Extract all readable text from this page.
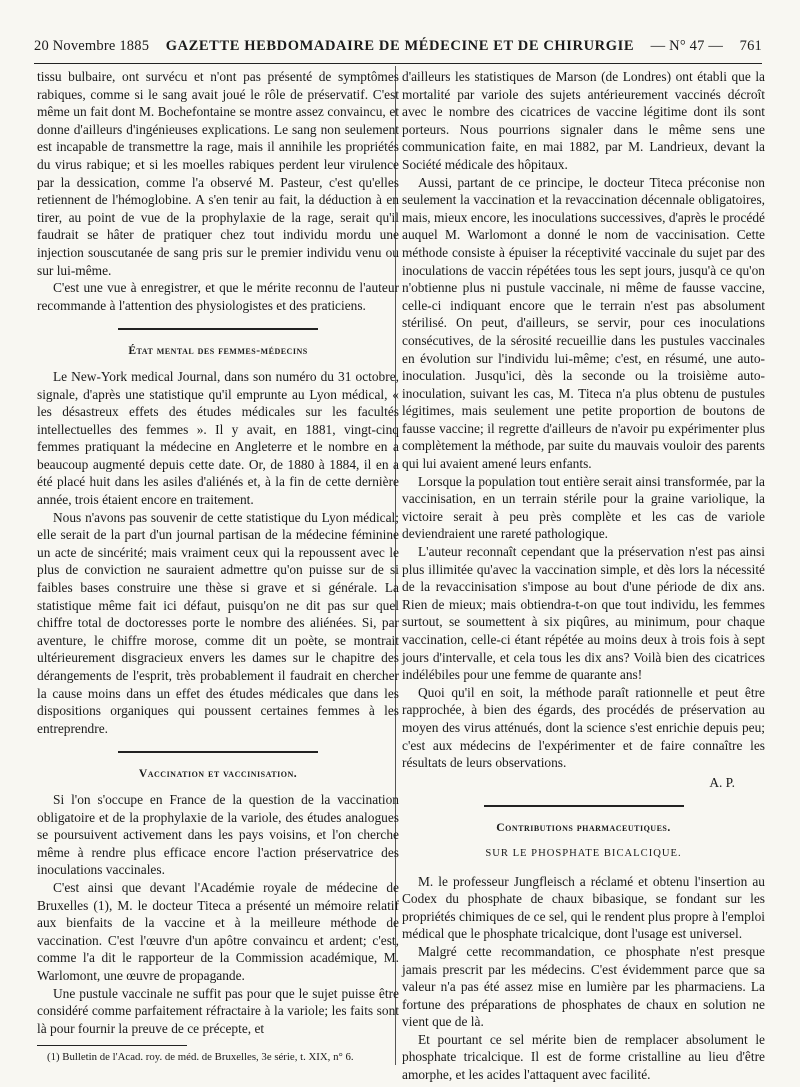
20 Novembre 1885 GAZETTE HEBDOMADAIRE DE MÉDECINE ET DE CHIRURGIE — N° 47 — 761

tissu bulbaire, ont survécu et n'ont pas présenté de symptômes rabiques, comme si le sang avait joué le rôle de préservatif. C'est même un fait dont M. Bochefontaine se montre assez convaincu, et donne d'ailleurs d'ingénieuses explications. Le sang non seulement est incapable de transmettre la rage, mais il annihile les propriétés du virus rabique; et si les moelles rabiques perdent leur virulence par la dessication, comme l'a observé M. Pasteur, c'est qu'elles retiennent de l'hémoglobine. A s'en tenir au fait, la déduction à en tirer, au point de vue de la prophylaxie de la rage, serait qu'il faudrait se hâter de pratiquer chez tout individu mordu une injection souscutanée de sang pris sur le premier individu venu ou sur lui-même.

C'est une vue à enregistrer, et que le mérite reconnu de l'auteur recommande à l'attention des physiologistes et des praticiens.

État mental des femmes-médecins

Le New-York medical Journal, dans son numéro du 31 octobre, signale, d'après une statistique qu'il emprunte au Lyon médical, « les désastreux effets des études médicales sur les facultés intellectuelles des femmes ». Il y avait, en 1881, vingt-cinq femmes pratiquant la médecine en Angleterre et le nombre en a beaucoup augmenté depuis cette date. Or, de 1880 à 1884, il en a été placé huit dans les asiles d'aliénés et, à la fin de cette dernière année, trois étaient encore en traitement.

Nous n'avons pas souvenir de cette statistique du Lyon médical; elle serait de la part d'un journal partisan de la médecine féminine un acte de sincérité; mais vraiment ceux qui la repoussent avec le plus de conviction ne sauraient admettre qu'on puisse sur de si faibles bases construire une thèse si grave et si générale. La statistique même fait ici défaut, puisqu'on ne dit pas sur quel chiffre total de doctoresses porte le nombre des aliénées. Si, par aventure, le chiffre morose, comme dit un poète, se montrait ultérieurement disgracieux envers les dames sur le chapitre des dérangements de l'esprit, très probablement il faudrait en chercher la cause moins dans un effet des études médicales que dans les dispositions organiques qui poussent certaines femmes à les entreprendre.

Vaccination et vaccinisation.

Si l'on s'occupe en France de la question de la vaccination obligatoire et de la prophylaxie de la variole, des études analogues se poursuivent activement dans les pays voisins, et l'on cherche même à rendre plus efficace encore l'action préservatrice des inoculations vaccinales.

C'est ainsi que devant l'Académie royale de médecine de Bruxelles (1), M. le docteur Titeca a présenté un mémoire relatif aux bienfaits de la vaccine et à la meilleure méthode de vaccination. C'est l'œuvre d'un apôtre convaincu et ardent; c'est, comme l'a dit le rapporteur de la Commission académique, M. Warlomont, une œuvre de propagande.

Une pustule vaccinale ne suffit pas pour que le sujet puisse être considéré comme parfaitement réfractaire à la variole; les faits sont là pour fournir la preuve de ce précepte, et

(1) Bulletin de l'Acad. roy. de méd. de Bruxelles, 3e série, t. XIX, n° 6.

d'ailleurs les statistiques de Marson (de Londres) ont établi que la mortalité par variole des sujets antérieurement vaccinés décroît avec le nombre des cicatrices de vaccine légitime dont ils sont porteurs. Nous pourrions signaler dans le même sens une communication faite, en mai 1882, par M. Landrieux, devant la Société médicale des hôpitaux.

Aussi, partant de ce principe, le docteur Titeca préconise non seulement la vaccination et la revaccination décennale obligatoires, mais, mieux encore, les inoculations successives, d'après le procédé auquel M. Warlomont a donné le nom de vaccinisation. Cette méthode consiste à épuiser la réceptivité vaccinale du sujet par des inoculations de vaccin répétées tous les sept jours, jusqu'à ce qu'on n'obtienne plus ni pustule vaccinale, ni même de fausse vaccine, celle-ci indiquant encore que le terrain n'est pas absolument stérilisé. On peut, d'ailleurs, se servir, pour ces inoculations consécutives, de la sérosité recueillie dans les pustules vaccinales en évolution sur l'individu lui-même; c'est, en résumé, une auto-inoculation. Jusqu'ici, dès la seconde ou la troisième auto-inoculation, suivant les cas, M. Titeca n'a plus obtenu de pustules légitimes, mais seulement une petite proportion de boutons de fausse vaccine; il regrette d'ailleurs de n'avoir pu expérimenter plus complètement la méthode, par suite du mauvais vouloir des parents qui lui avaient amené leurs enfants.

Lorsque la population tout entière serait ainsi transformée, par la vaccinisation, en un terrain stérile pour la graine variolique, la victoire serait à peu près complète et les cas de variole deviendraient une rareté pathologique.

L'auteur reconnaît cependant que la préservation n'est pas ainsi plus illimitée qu'avec la vaccination simple, et dès lors la nécessité de la revaccinisation s'impose au bout d'une période de dix ans. Rien de mieux; mais obtiendra-t-on que tout individu, les femmes surtout, se soumettent à six piqûres, au minimum, pour chaque vaccination, celle-ci étant répétée au moins deux à trois fois à sept jours d'intervalle, et cela tous les dix ans? Voilà bien des cicatrices indélébiles pour une femme de quarante ans!

Quoi qu'il en soit, la méthode paraît rationnelle et peut être rapprochée, à bien des égards, des procédés de préservation au moyen des virus atténués, dont la science s'est enrichie depuis peu; c'est aux médecins de l'expérimenter et de faire connaître les résultats de leurs observations.

A. P.
Contributions pharmaceutiques.
SUR LE PHOSPHATE BICALCIQUE.

M. le professeur Jungfleisch a réclamé et obtenu l'insertion au Codex du phosphate de chaux bibasique, se fondant sur les propriétés chimiques de ce sel, qui le rendent plus propre à l'emploi médical que le phosphate tricalcique, dont l'usage est universel.

Malgré cette recommandation, ce phosphate n'est presque jamais prescrit par les médecins. C'est évidemment parce que sa valeur n'a pas été assez mise en lumière par les pharmaciens. La fortune des préparations de phosphates de chaux en solution ne vient que de là.

Et pourtant ce sel mérite bien de remplacer absolument le phosphate tricalcique. Il est de forme cristalline au lieu d'être amorphe, et les acides l'attaquent avec facilité.
